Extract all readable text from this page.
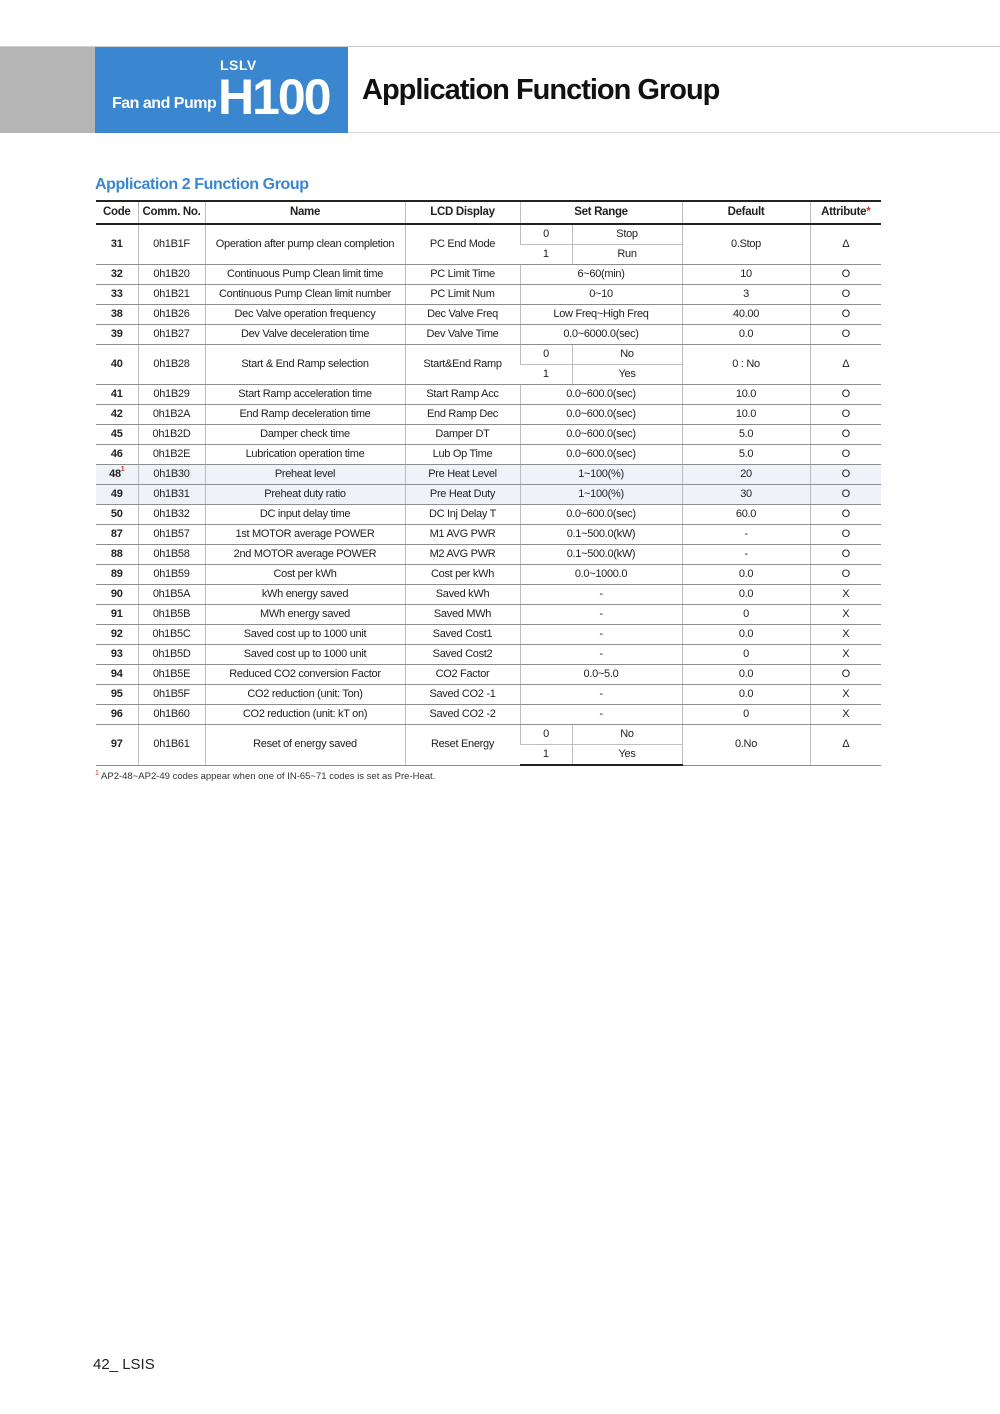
LSLV
Fan and Pump H100 Application Function Group
Application 2 Function Group
Code	Comm. No.	Name	LCD Display	Set Range		Default	Attribute*
31	0h1B1F	Operation after pump clean completion	PC End Mode	0	Stop	0.Stop	Δ
				1	Run		
32	0h1B20	Continuous Pump Clean limit time	PC Limit Time	6~60(min)		10	O
33	0h1B21	Continuous Pump Clean limit number	PC Limit Num	0~10		3	O
38	0h1B26	Dec Valve operation frequency	Dec Valve Freq	Low Freq~High Freq		40.00	O
39	0h1B27	Dev Valve deceleration time	Dev Valve Time	0.0~6000.0(sec)		0.0	O
40	0h1B28	Start & End Ramp selection	Start&End Ramp	0	No	0 : No	Δ
				1	Yes		
41	0h1B29	Start Ramp acceleration time	Start Ramp Acc	0.0~600.0(sec)		10.0	O
42	0h1B2A	End Ramp deceleration time	End Ramp Dec	0.0~600.0(sec)		10.0	O
45	0h1B2D	Damper check time	Damper DT	0.0~600.0(sec)		5.0	O
46	0h1B2E	Lubrication operation time	Lub Op Time	0.0~600.0(sec)		5.0	O
48$^1$	0h1B30	Preheat level	Pre Heat Level	1~100(%)		20	O
49	0h1B31	Preheat duty ratio	Pre Heat Duty	1~100(%)		30	O
50	0h1B32	DC input delay time	DC Inj Delay T	0.0~600.0(sec)		60.0	O
87	0h1B57	1st MOTOR average POWER	M1 AVG PWR	0.1~500.0(kW)		-	O
88	0h1B58	2nd MOTOR average POWER	M2 AVG PWR	0.1~500.0(kW)		-	O
89	0h1B59	Cost per kWh	Cost per kWh	0.0~1000.0		0.0	O
90	0h1B5A	kWh energy saved	Saved kWh	-		0.0	X
91	0h1B5B	MWh energy saved	Saved MWh	-		0	X
92	0h1B5C	Saved cost up to 1000 unit	Saved Cost1	-		0.0	X
93	0h1B5D	Saved cost up to 1000 unit	Saved Cost2	-		0	X
94	0h1B5E	Reduced CO2 conversion Factor	CO2 Factor	0.0~5.0		0.0	O
95	0h1B5F	CO2 reduction (unit: Ton)	Saved CO2 -1	-		0.0	X
96	0h1B60	CO2 reduction (unit: kT on)	Saved CO2 -2	-		0	X
97	0h1B61	Reset of energy saved	Reset Energy	0	No	0.No	Δ
				1	Yes		
$^1$ AP2-48~AP2-49 codes appear when one of IN-65~71 codes is set as Pre-Heat.
42_ LSIS
